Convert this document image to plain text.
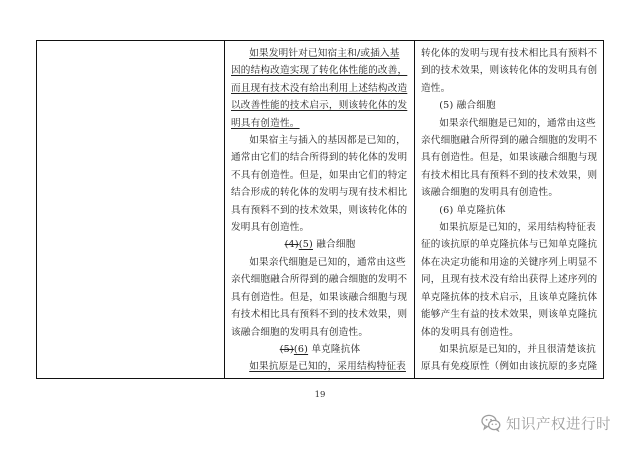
如果发明针对已知宿主和/或插入基因的结构改造实现了转化体性能的改善，而且现有技术没有给出利用上述结构改造以改善性能的技术启示，则该转化体的发明具有创造性。

如果宿主与插入的基因都是已知的，通常由它们的结合所得到的转化体的发明不具有创造性。但是，如果由它们的特定结合形成的转化体的发明与现有技术相比具有预料不到的技术效果，则该转化体的发明具有创造性。

(4)(5) 融合细胞

如果亲代细胞是已知的，通常由这些亲代细胞融合所得到的融合细胞的发明不具有创造性。但是，如果该融合细胞与现有技术相比具有预料不到的技术效果，则该融合细胞的发明具有创造性。

(5)(6) 单克隆抗体

如果抗原是已知的，采用结构特征表

转化体的发明与现有技术相比具有预料不到的技术效果，则该转化体的发明具有创造性。

(5) 融合细胞

如果亲代细胞是已知的，通常由这些亲代细胞融合所得到的融合细胞的发明不具有创造性。但是，如果该融合细胞与现有技术相比具有预料不到的技术效果，则该融合细胞的发明具有创造性。

(6) 单克隆抗体

如果抗原是已知的，采用结构特征表征的该抗原的单克隆抗体与已知单克隆抗体在决定功能和用途的关键序列上明显不同，且现有技术没有给出获得上述序列的单克隆抗体的技术启示，且该单克隆抗体能够产生有益的技术效果，则该单克隆抗体的发明具有创造性。

如果抗原是已知的，并且很清楚该抗原具有免疫原性（例如由该抗原的多克隆

19
知识产权进行时
